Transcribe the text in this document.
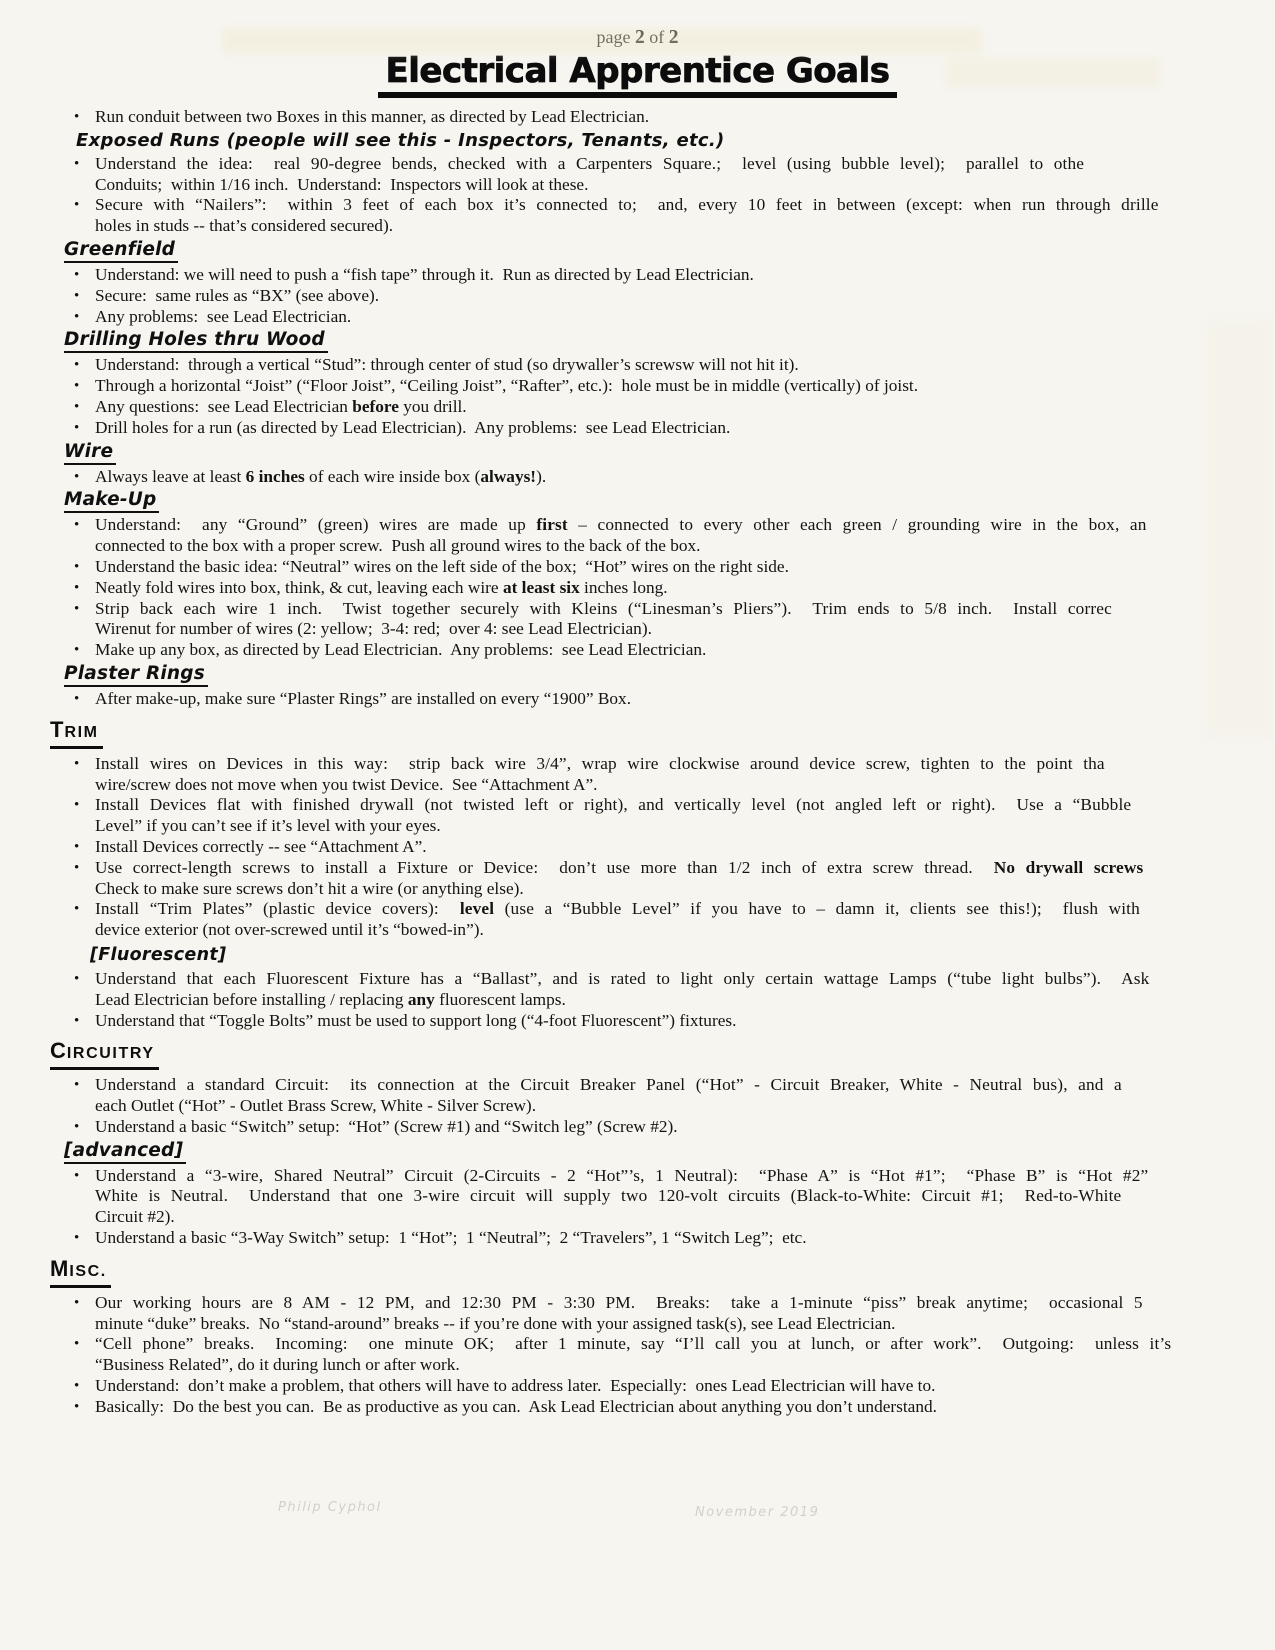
page 2 of 2
Electrical Apprentice Goals
• Run conduit between two Boxes in this manner, as directed by Lead Electrician.
Exposed Runs (people will see this - Inspectors, Tenants, etc.)
• Understand the idea:  real 90-degree bends, checked with a Carpenters Square.;  level (using bubble level);  parallel to othe
Conduits;  within 1/16 inch.  Understand:  Inspectors will look at these.
• Secure with “Nailers”:  within 3 feet of each box it’s connected to;  and, every 10 feet in between (except: when run through drille
holes in studs -- that’s considered secured).
Greenfield
• Understand: we will need to push a “fish tape” through it.  Run as directed by Lead Electrician.
• Secure:  same rules as “BX” (see above).
• Any problems:  see Lead Electrician.
Drilling Holes thru Wood
• Understand:  through a vertical “Stud”: through center of stud (so drywaller’s screwsw will not hit it).
• Through a horizontal “Joist” (“Floor Joist”, “Ceiling Joist”, “Rafter”, etc.):  hole must be in middle (vertically) of joist.
• Any questions:  see Lead Electrician before you drill.
• Drill holes for a run (as directed by Lead Electrician).  Any problems:  see Lead Electrician.
Wire
• Always leave at least 6 inches of each wire inside box (always!).
Make-Up
• Understand:  any “Ground” (green) wires are made up first – connected to every other each green / grounding wire in the box, an
connected to the box with a proper screw.  Push all ground wires to the back of the box.
• Understand the basic idea: “Neutral” wires on the left side of the box;  “Hot” wires on the right side.
• Neatly fold wires into box, think, & cut, leaving each wire at least six inches long.
• Strip back each wire 1 inch.  Twist together securely with Kleins (“Linesman’s Pliers”).  Trim ends to 5/8 inch.  Install correc
Wirenut for number of wires (2: yellow;  3-4: red;  over 4: see Lead Electrician).
• Make up any box, as directed by Lead Electrician.  Any problems:  see Lead Electrician.
Plaster Rings
• After make-up, make sure “Plaster Rings” are installed on every “1900” Box.
TRIM
• Install wires on Devices in this way:  strip back wire 3/4”, wrap wire clockwise around device screw, tighten to the point tha
wire/screw does not move when you twist Device.  See “Attachment A”.
• Install Devices flat with finished drywall (not twisted left or right), and vertically level (not angled left or right).  Use a “Bubble
Level” if you can’t see if it’s level with your eyes.
• Install Devices correctly -- see “Attachment A”.
• Use correct-length screws to install a Fixture or Device:  don’t use more than 1/2 inch of extra screw thread.  No drywall screws
Check to make sure screws don’t hit a wire (or anything else).
• Install “Trim Plates” (plastic device covers):  level (use a “Bubble Level” if you have to – damn it, clients see this!);  flush with
device exterior (not over-screwed until it’s “bowed-in”).
[Fluorescent]
• Understand that each Fluorescent Fixture has a “Ballast”, and is rated to light only certain wattage Lamps (“tube light bulbs”).  Ask
Lead Electrician before installing / replacing any fluorescent lamps.
• Understand that “Toggle Bolts” must be used to support long (“4-foot Fluorescent”) fixtures.
CIRCUITRY
• Understand a standard Circuit:  its connection at the Circuit Breaker Panel (“Hot” - Circuit Breaker, White - Neutral bus), and a
each Outlet (“Hot” - Outlet Brass Screw, White - Silver Screw).
• Understand a basic “Switch” setup:  “Hot” (Screw #1) and “Switch leg” (Screw #2).
[advanced]
• Understand a “3-wire, Shared Neutral” Circuit (2-Circuits - 2 “Hot”’s, 1 Neutral):  “Phase A” is “Hot #1”;  “Phase B” is “Hot #2”
White is Neutral.  Understand that one 3-wire circuit will supply two 120-volt circuits (Black-to-White: Circuit #1;  Red-to-White
Circuit #2).
• Understand a basic “3-Way Switch” setup:  1 “Hot”;  1 “Neutral”;  2 “Travelers”, 1 “Switch Leg”;  etc.
MISC.
• Our working hours are 8 AM - 12 PM, and 12:30 PM - 3:30 PM.  Breaks:  take a 1-minute “piss” break anytime;  occasional 5
minute “duke” breaks.  No “stand-around” breaks -- if you’re done with your assigned task(s), see Lead Electrician.
• “Cell phone” breaks.  Incoming:  one minute OK;  after 1 minute, say “I’ll call you at lunch, or after work”.  Outgoing:  unless it’s
“Business Related”, do it during lunch or after work.
• Understand:  don’t make a problem, that others will have to address later.  Especially:  ones Lead Electrician will have to.
• Basically:  Do the best you can.  Be as productive as you can.  Ask Lead Electrician about anything you don’t understand.
Philip Cyphol	November 2019
